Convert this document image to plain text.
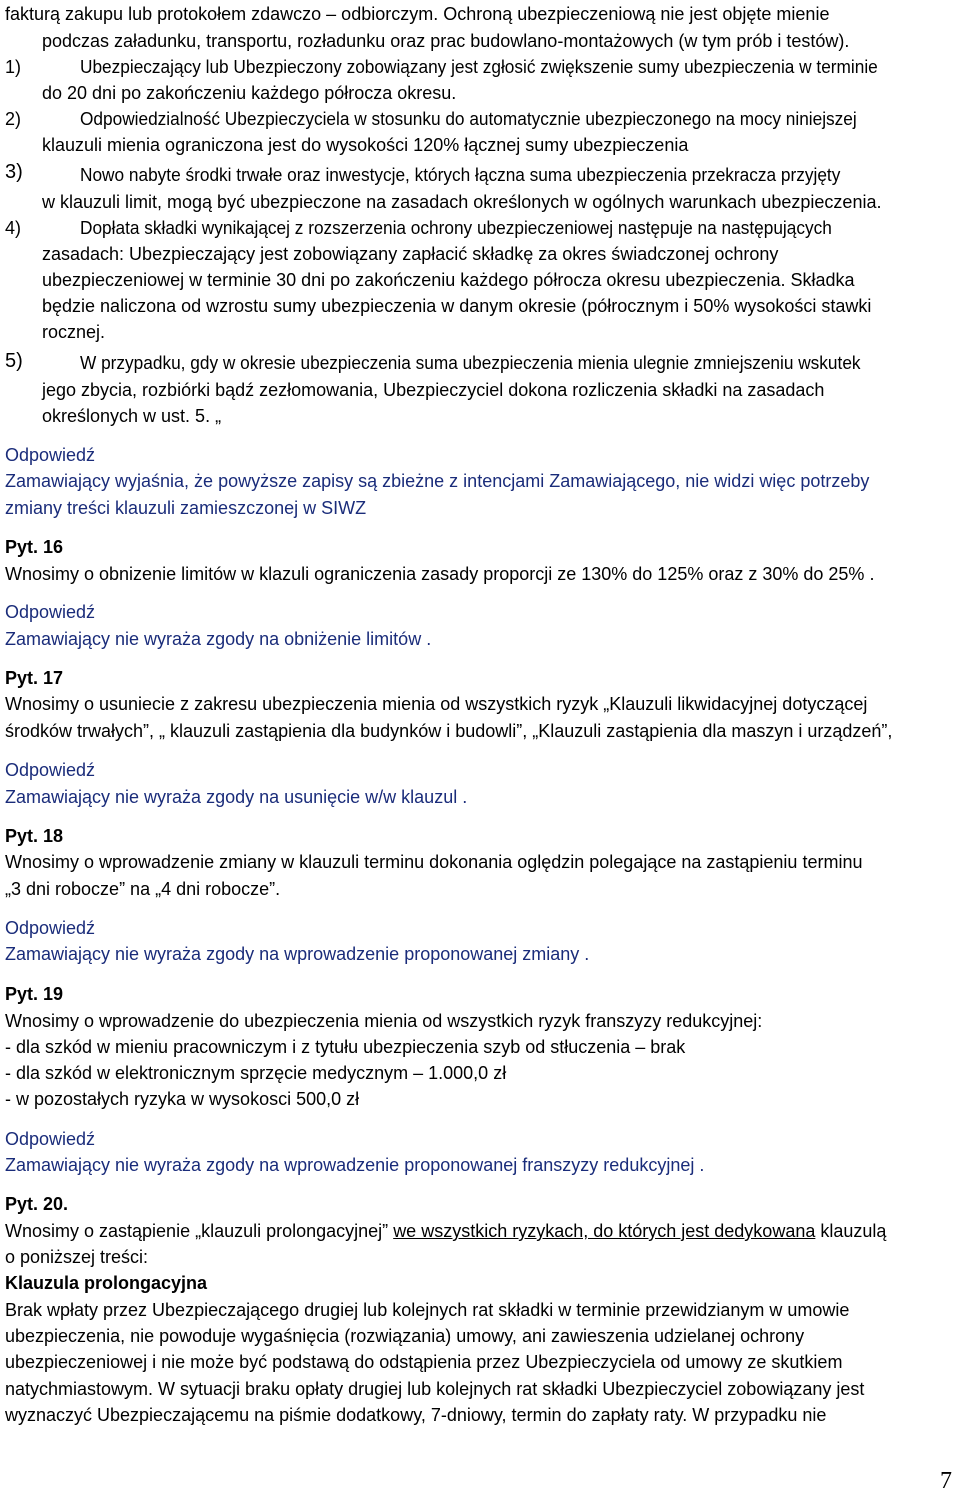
fakturą zakupu lub protokołem zdawczo – odbiorczym. Ochroną ubezpieczeniową nie jest objęte mienie

podczas załadunku, transportu, rozładunku oraz prac budowlano-montażowych (w tym prób i testów).

1)	Ubezpieczający lub Ubezpieczony zobowiązany jest zgłosić zwiększenie sumy ubezpieczenia w terminie

do 20 dni po zakończeniu każdego półrocza okresu.

2)	Odpowiedzialność Ubezpieczyciela w stosunku do automatycznie ubezpieczonego na mocy niniejszej

klauzuli mienia ograniczona jest do wysokości 120% łącznej sumy ubezpieczenia

3)	Nowo nabyte środki trwałe oraz inwestycje, których łączna suma ubezpieczenia przekracza przyjęty

w klauzuli limit, mogą być ubezpieczone na zasadach określonych w ogólnych warunkach ubezpieczenia.

4)	Dopłata składki wynikającej z rozszerzenia ochrony ubezpieczeniowej następuje na następujących

zasadach: Ubezpieczający jest zobowiązany zapłacić składkę za okres świadczonej ochrony

ubezpieczeniowej w terminie 30 dni po zakończeniu każdego półrocza okresu ubezpieczenia. Składka

będzie naliczona od wzrostu sumy ubezpieczenia w danym okresie (półrocznym i 50% wysokości stawki

rocznej.

5)	W przypadku, gdy w okresie ubezpieczenia suma ubezpieczenia mienia ulegnie zmniejszeniu wskutek

jego zbycia, rozbiórki bądź zezłomowania, Ubezpieczyciel dokona rozliczenia składki na zasadach

określonych w ust. 5. „

Odpowiedź

Zamawiający wyjaśnia, że powyższe zapisy są zbieżne z intencjami Zamawiającego, nie widzi więc potrzeby

zmiany treści klauzuli zamieszczonej w SIWZ

Pyt. 16

Wnosimy o obnizenie limitów w klazuli ograniczenia zasady proporcji ze 130% do 125% oraz z 30% do 25% .

Odpowiedź

Zamawiający nie wyraża zgody na obniżenie limitów .

Pyt. 17

Wnosimy o usuniecie z zakresu ubezpieczenia mienia od wszystkich ryzyk „Klauzuli likwidacyjnej dotyczącej

środków trwałych”, „ klauzuli zastąpienia dla budynków i budowli”, „Klauzuli zastąpienia dla maszyn i urządzeń”,

Odpowiedź

Zamawiający nie wyraża zgody na usunięcie w/w klauzul .

Pyt. 18

Wnosimy o wprowadzenie zmiany w klauzuli terminu dokonania oględzin polegające na zastąpieniu terminu

„3 dni robocze” na „4 dni robocze”.

Odpowiedź

Zamawiający nie wyraża zgody na wprowadzenie proponowanej zmiany .

Pyt. 19

Wnosimy o wprowadzenie do ubezpieczenia mienia od wszystkich ryzyk franszyzy redukcyjnej:

- dla szkód w mieniu pracowniczym i z tytułu ubezpieczenia szyb od stłuczenia – brak

- dla szkód w elektronicznym sprzęcie medycznym – 1.000,0 zł

- w pozostałych ryzyka w wysokosci 500,0 zł

Odpowiedź

Zamawiający nie wyraża zgody na wprowadzenie proponowanej franszyzy redukcyjnej .

Pyt. 20.

Wnosimy o zastąpienie „klauzuli prolongacyjnej” we wszystkich ryzykach, do których jest dedykowana klauzulą

o poniższej treści:

Klauzula prolongacyjna

Brak wpłaty przez Ubezpieczającego drugiej lub kolejnych rat składki w terminie przewidzianym w umowie

ubezpieczenia, nie powoduje wygaśnięcia (rozwiązania) umowy, ani zawieszenia udzielanej ochrony

ubezpieczeniowej i nie może być podstawą do odstąpienia przez Ubezpieczyciela od umowy ze skutkiem

natychmiastowym. W sytuacji braku opłaty drugiej lub kolejnych rat składki Ubezpieczyciel zobowiązany jest

wyznaczyć Ubezpieczającemu na piśmie dodatkowy, 7-dniowy, termin do zapłaty raty. W przypadku nie

7
